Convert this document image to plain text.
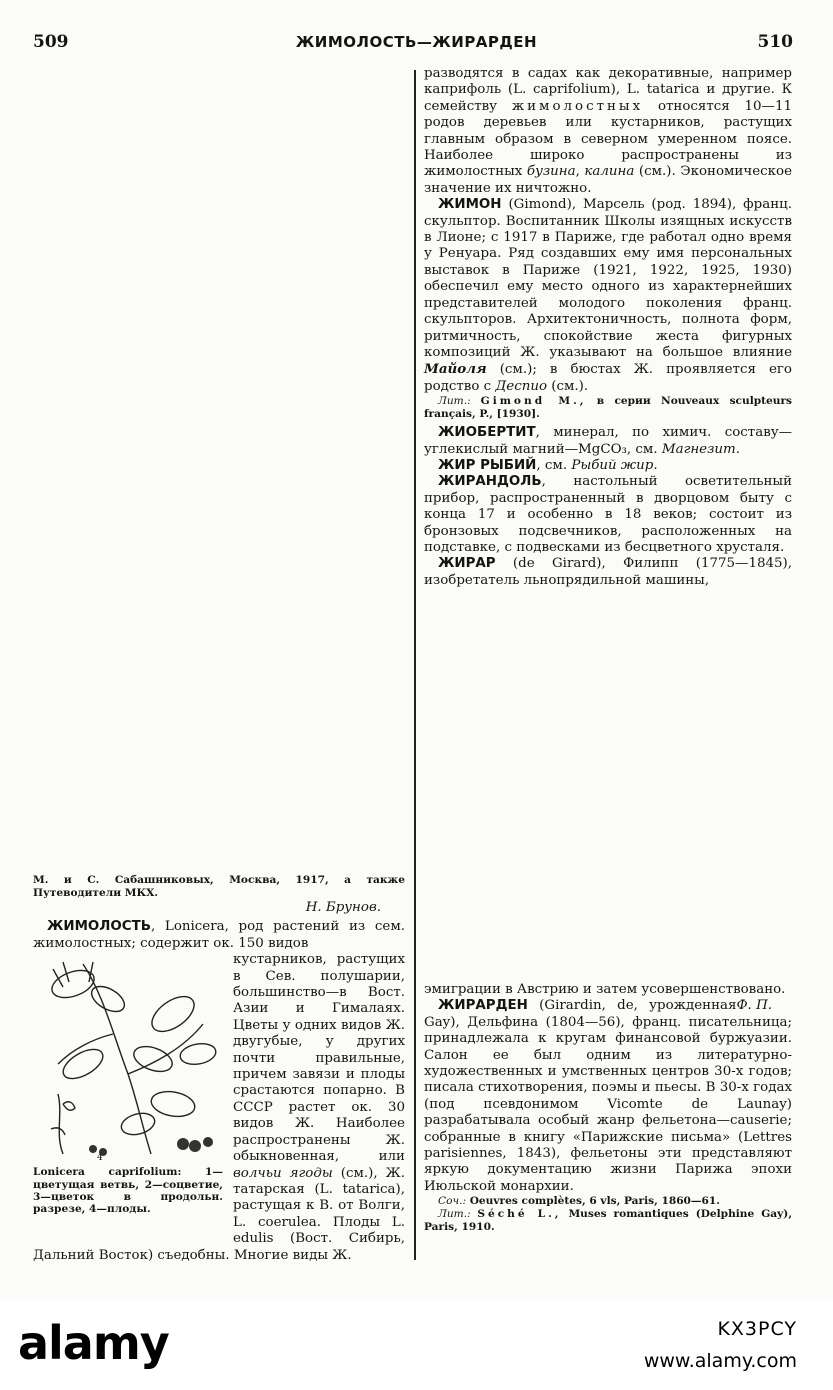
509	ЖИМОЛОСТЬ—ЖИРАРДЕН	510

разводятся в садах как декоративные, например каприфоль (L. caprifolium), L. tatarica и другие. К семейству жимолостных относятся 10—11 родов деревьев или кустарников, растущих главным образом в северном умеренном поясе. Наиболее широко распространены из жимолостных бузина, калина (см.). Экономическое значение их ничтожно.

ЖИМОН (Gimond), Марсель (род. 1894), франц. скульптор. Воспитанник Школы изящных искусств в Лионе; с 1917 в Париже, где работал одно время у Ренуара. Ряд создавших ему имя персональных выставок в Париже (1921, 1922, 1925, 1930) обеспечил ему место одного из характернейших представителей молодого поколения франц. скульпторов. Архитектоничность, полнота форм, ритмичность, спокойствие жеста фигурных композиций Ж. указывают на большое влияние Майоля (см.); в бюстах Ж. проявляется его родство с Деспио (см.).

Лит.: Gimond M., в серии Nouveaux sculpteurs français, P., [1930].

ЖИОБЕРТИТ, минерал, по химич. составу—углекислый магний—MgCO₃, см. Магнезит.

ЖИР РЫБИЙ, см. Рыбий жир.

ЖИРАНДОЛЬ, настольный осветительный прибор, распространенный в дворцовом быту с конца 17 и особенно в 18 веков; состоит из бронзовых подсвечников, расположенных на подставке, с подвесками из бесцветного хрусталя.

ЖИРАР (de Girard), Филипп (1775—1845), изобретатель льнопрядильной машины,

М. и С. Сабашниковых, Москва, 1917, а также Путеводители МКХ.

Н. Брунов.

ЖИМОЛОСТЬ, Lonicera, род растений из сем. жимолостных; содержит ок. 150 видов

4
Lonicera caprifolium: 1—цветущая ветвь, 2—соцветие, 3—цветок в продольн. разрезе, 4—плоды.

кустарников, растущих в Сев. полушарии, большинство—в Вост. Азии и Гималаях. Цветы у одних видов Ж. двугубые, у других почти правильные, причем завязи и плоды срастаются попарно. В СССР растет ок. 30 видов Ж. Наиболее распространены Ж. обыкновенная, или волчьи ягоды (см.), Ж. татарская (L. tatarica), растущая к В. от Волги, L. coerulea. Плоды L. edulis (Вост. Сибирь, Дальний Восток) съедобны. Многие виды Ж.

эмиграции в Австрию и затем усовершенствовано.
Ф. П.

ЖИРАРДЕН (Girardin, de, урожденная Gay), Дельфина (1804—56), франц. писательница; принадлежала к кругам финансовой буржуазии. Салон ее был одним из литературно-художественных и умственных центров 30-х годов; писала стихотворения, поэмы и пьесы. В 30-х годах (под псевдонимом Vicomte de Launay) разрабатывала особый жанр фельетона—causerie; собранные в книгу «Парижские письма» (Lettres parisiennes, 1843), фельетоны эти представляют яркую документацию жизни Парижа эпохи Июльской монархии.

Соч.: Oeuvres complètes, 6 vls, Paris, 1860—61.

Лит.: Séché L., Muses romantiques (Delphine Gay), Paris, 1910.

alamy	KX3PCY
www.alamy.com
